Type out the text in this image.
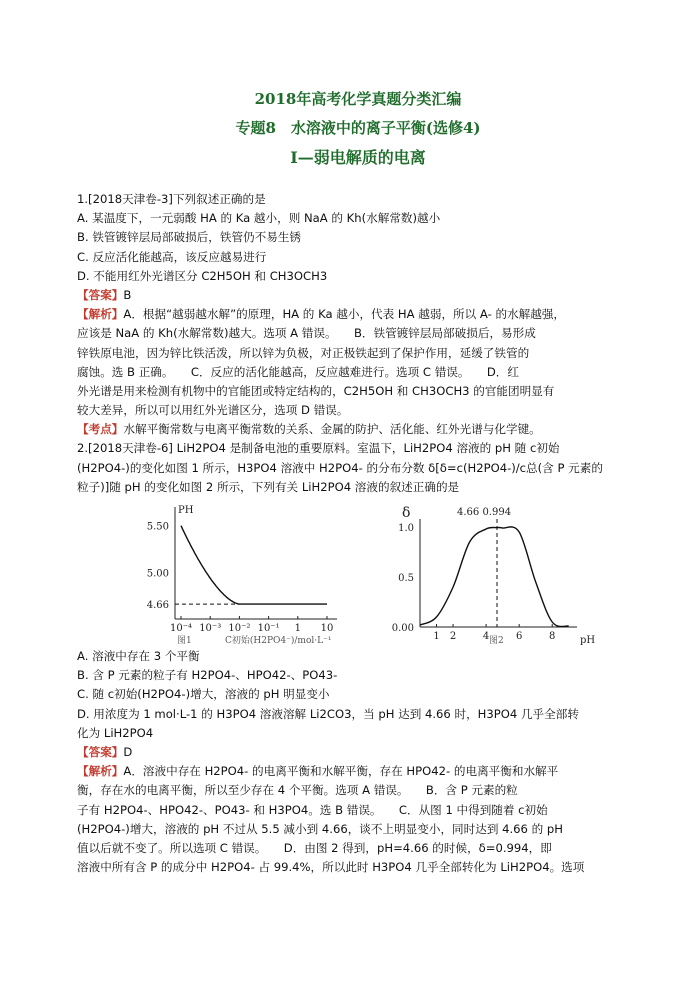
2018年高考化学真题分类汇编
专题8　水溶液中的离子平衡(选修4)
Ⅰ—弱电解质的电离
1.[2018天津卷-3]下列叙述正确的是
A. 某温度下，一元弱酸 HA 的 Ka 越小，则 NaA 的 Kh(水解常数)越小
B. 铁管镀锌层局部破损后，铁管仍不易生锈
C. 反应活化能越高，该反应越易进行
D. 不能用红外光谱区分 C2H5OH 和 CH3OCH3
【答案】B
【解析】A．根据“越弱越水解”的原理，HA 的 Ka 越小，代表 HA 越弱，所以 A- 的水解越强，
应该是 NaA 的 Kh(水解常数)越大。选项 A 错误。　　B．铁管镀锌层局部破损后，易形成
锌铁原电池，因为锌比铁活泼，所以锌为负极，对正极铁起到了保护作用，延缓了铁管的
腐蚀。选 B 正确。　　C．反应的活化能越高，反应越难进行。选项 C 错误。　　D．红
外光谱是用来检测有机物中的官能团或特定结构的，C2H5OH 和 CH3OCH3 的官能团明显有
较大差异，所以可以用红外光谱区分，选项 D 错误。
【考点】水解平衡常数与电离平衡常数的关系、金属的防护、活化能、红外光谱与化学键。
2.[2018天津卷-6] LiH2PO4 是制备电池的重要原料。室温下，LiH2PO4 溶液的 pH 随 c初始
(H2PO4-)的变化如图 1 所示，H3PO4 溶液中 H2PO4- 的分布分数 δ[δ=c(H2PO4-)/c总(含 P 元素的
粒子)]随 pH 的变化如图 2 所示，下列有关 LiH2PO4 溶液的叙述正确的是
PH
5.50
5.00
4.66
10⁻⁴ 10⁻³ 10⁻² 10⁻¹ 1 10
图1	C初始(H2PO4⁻)/mol·L⁻¹
δ	4.66 0.994
1.0
0.5
0.00
1 2	4	6	8 pH
图2
A. 溶液中存在 3 个平衡
B. 含 P 元素的粒子有 H2PO4-、HPO42-、PO43-
C. 随 c初始(H2PO4-)增大，溶液的 pH 明显变小
D. 用浓度为 1 mol·L-1 的 H3PO4 溶液溶解 Li2CO3，当 pH 达到 4.66 时，H3PO4 几乎全部转
化为 LiH2PO4
【答案】D
【解析】A．溶液中存在 H2PO4- 的电离平衡和水解平衡，存在 HPO42- 的电离平衡和水解平
衡，存在水的电离平衡，所以至少存在 4 个平衡。选项 A 错误。　　B．含 P 元素的粒
子有 H2PO4-、HPO42-、PO43- 和 H3PO4。选 B 错误。　　C．从图 1 中得到随着 c初始
(H2PO4-)增大，溶液的 pH 不过从 5.5 减小到 4.66，谈不上明显变小，同时达到 4.66 的 pH
值以后就不变了。所以选项 C 错误。　　D．由图 2 得到，pH=4.66 的时候，δ=0.994，即
溶液中所有含 P 的成分中 H2PO4- 占 99.4%，所以此时 H3PO4 几乎全部转化为 LiH2PO4。选项
